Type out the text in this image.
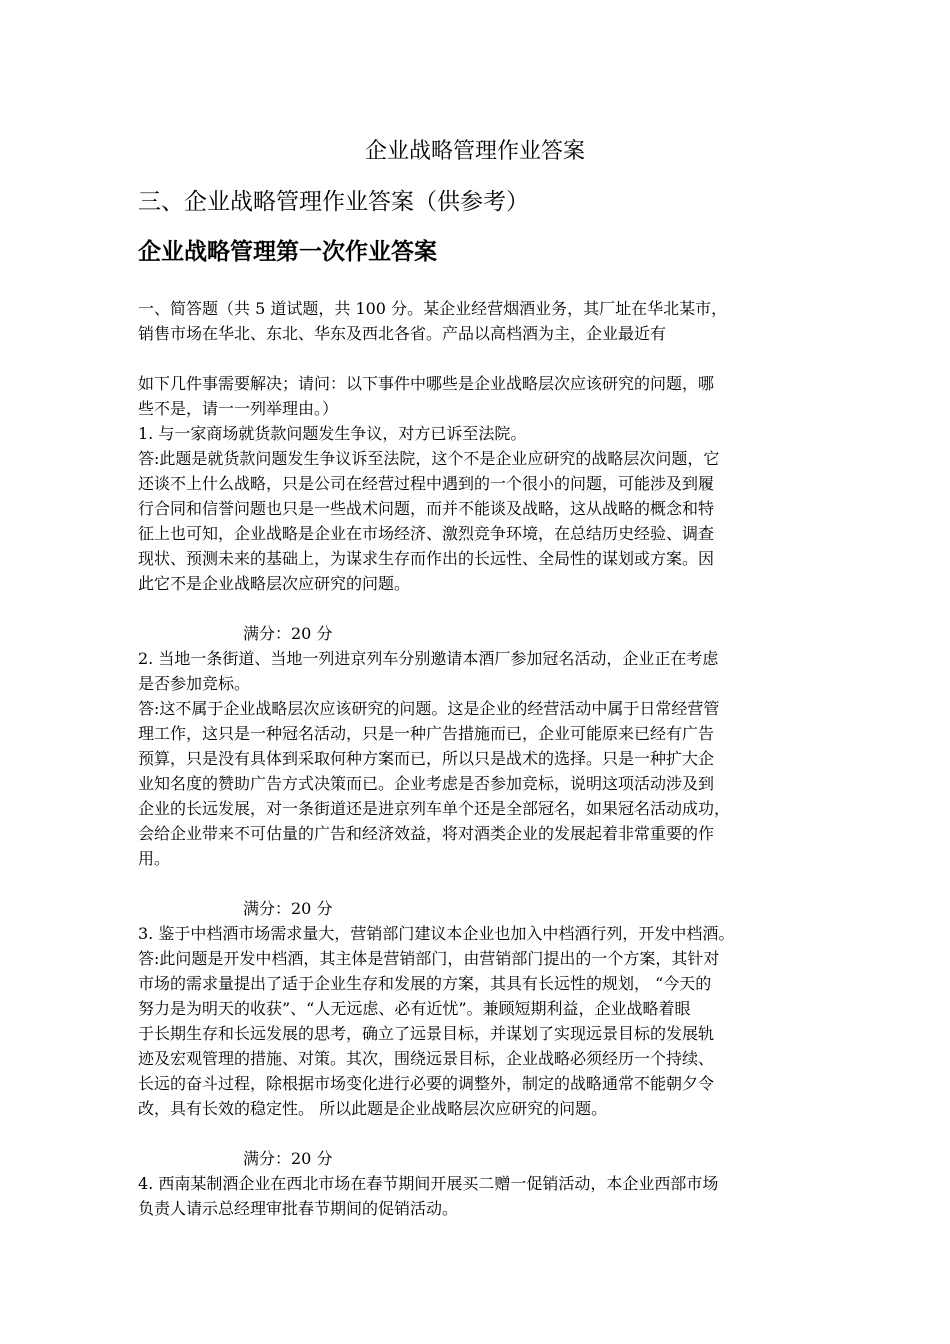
企业战略管理作业答案
三、企业战略管理作业答案（供参考）
企业战略管理第一次作业答案

一、简答题（共 5 道试题，共 100 分。某企业经营烟酒业务，其厂址在华北某市，

销售市场在华北、东北、华东及西北各省。产品以高档酒为主，企业最近有

如下几件事需要解决；请问：以下事件中哪些是企业战略层次应该研究的问题，哪

些不是，请一一列举理由。）

1. 与一家商场就货款问题发生争议，对方已诉至法院。

答:此题是就货款问题发生争议诉至法院，这个不是企业应研究的战略层次问题，它

还谈不上什么战略，只是公司在经营过程中遇到的一个很小的问题，可能涉及到履

行合同和信誉问题也只是一些战术问题，而并不能谈及战略，这从战略的概念和特

征上也可知，企业战略是企业在市场经济、激烈竞争环境，在总结历史经验、调查

现状、预测未来的基础上，为谋求生存而作出的长远性、全局性的谋划或方案。因

此它不是企业战略层次应研究的问题。

满分：20 分

2. 当地一条街道、当地一列进京列车分别邀请本酒厂参加冠名活动，企业正在考虑

是否参加竞标。

答:这不属于企业战略层次应该研究的问题。这是企业的经营活动中属于日常经营管

理工作，这只是一种冠名活动，只是一种广告措施而已，企业可能原来已经有广告

预算，只是没有具体到采取何种方案而已，所以只是战术的选择。只是一种扩大企

业知名度的赞助广告方式决策而已。企业考虑是否参加竞标，说明这项活动涉及到

企业的长远发展，对一条街道还是进京列车单个还是全部冠名，如果冠名活动成功，

会给企业带来不可估量的广告和经济效益，将对酒类企业的发展起着非常重要的作

用。

满分：20 分

3. 鉴于中档酒市场需求量大，营销部门建议本企业也加入中档酒行列，开发中档酒。

答:此问题是开发中档酒，其主体是营销部门，由营销部门提出的一个方案，其针对

市场的需求量提出了适于企业生存和发展的方案，其具有长远性的规划， “今天的

努力是为明天的收获”、“人无远虑、必有近忧”。兼顾短期利益，企业战略着眼

于长期生存和长远发展的思考，确立了远景目标，并谋划了实现远景目标的发展轨

迹及宏观管理的措施、对策。其次，围绕远景目标，企业战略必须经历一个持续、

长远的奋斗过程，除根据市场变化进行必要的调整外，制定的战略通常不能朝夕令

改，具有长效的稳定性。 所以此题是企业战略层次应研究的问题。

满分：20 分

4. 西南某制酒企业在西北市场在春节期间开展买二赠一促销活动，本企业西部市场

负责人请示总经理审批春节期间的促销活动。
